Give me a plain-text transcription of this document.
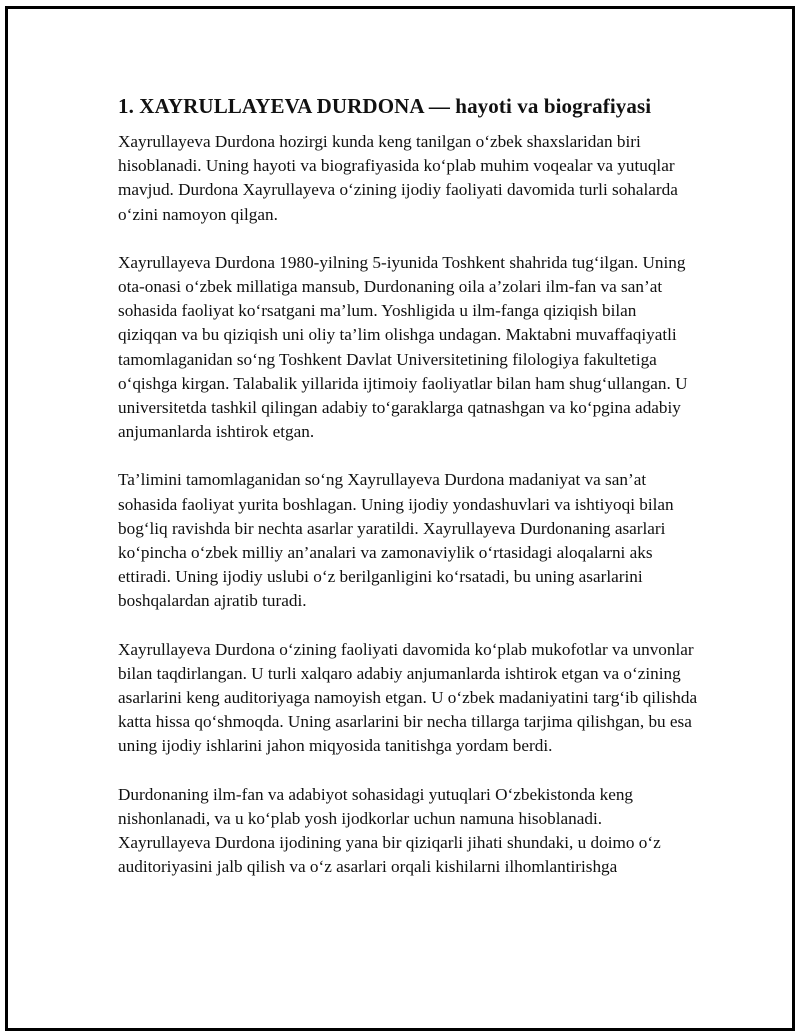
1. XAYRULLAYEVA DURDONA — hayoti va biografiyasi

Xayrullayeva Durdona hozirgi kunda keng tanilgan o‘zbek shaxslaridan biri hisoblanadi. Uning hayoti va biografiyasida ko‘plab muhim voqealar va yutuqlar mavjud. Durdona Xayrullayeva o‘zining ijodiy faoliyati davomida turli sohalarda o‘zini namoyon qilgan.

Xayrullayeva Durdona 1980-yilning 5-iyunida Toshkent shahrida tug‘ilgan. Uning ota-onasi o‘zbek millatiga mansub, Durdonaning oila a’zolari ilm-fan va san’at sohasida faoliyat ko‘rsatgani ma’lum. Yoshligida u ilm-fanga qiziqish bilan qiziqqan va bu qiziqish uni oliy ta’lim olishga undagan. Maktabni muvaffaqiyatli tamomlaganidan so‘ng Toshkent Davlat Universitetining filologiya fakultetiga o‘qishga kirgan. Talabalik yillarida ijtimoiy faoliyatlar bilan ham shug‘ullangan. U universitetda tashkil qilingan adabiy to‘garaklarga qatnashgan va ko‘pgina adabiy anjumanlarda ishtirok etgan.

Ta’limini tamomlaganidan so‘ng Xayrullayeva Durdona madaniyat va san’at sohasida faoliyat yurita boshlagan. Uning ijodiy yondashuvlari va ishtiyoqi bilan bog‘liq ravishda bir nechta asarlar yaratildi. Xayrullayeva Durdonaning asarlari ko‘pincha o‘zbek milliy an’analari va zamonaviylik o‘rtasidagi aloqalarni aks ettiradi. Uning ijodiy uslubi o‘z berilganligini ko‘rsatadi, bu uning asarlarini boshqalardan ajratib turadi.

Xayrullayeva Durdona o‘zining faoliyati davomida ko‘plab mukofotlar va unvonlar bilan taqdirlangan. U turli xalqaro adabiy anjumanlarda ishtirok etgan va o‘zining asarlarini keng auditoriyaga namoyish etgan. U o‘zbek madaniyatini targ‘ib qilishda katta hissa qo‘shmoqda. Uning asarlarini bir necha tillarga tarjima qilishgan, bu esa uning ijodiy ishlarini jahon miqyosida tanitishga yordam berdi.

Durdonaning ilm-fan va adabiyot sohasidagi yutuqlari O‘zbekistonda keng nishonlanadi, va u ko‘plab yosh ijodkorlar uchun namuna hisoblanadi. Xayrullayeva Durdona ijodining yana bir qiziqarli jihati shundaki, u doimo o‘z auditoriyasini jalb qilish va o‘z asarlari orqali kishilarni ilhomlantirishga
